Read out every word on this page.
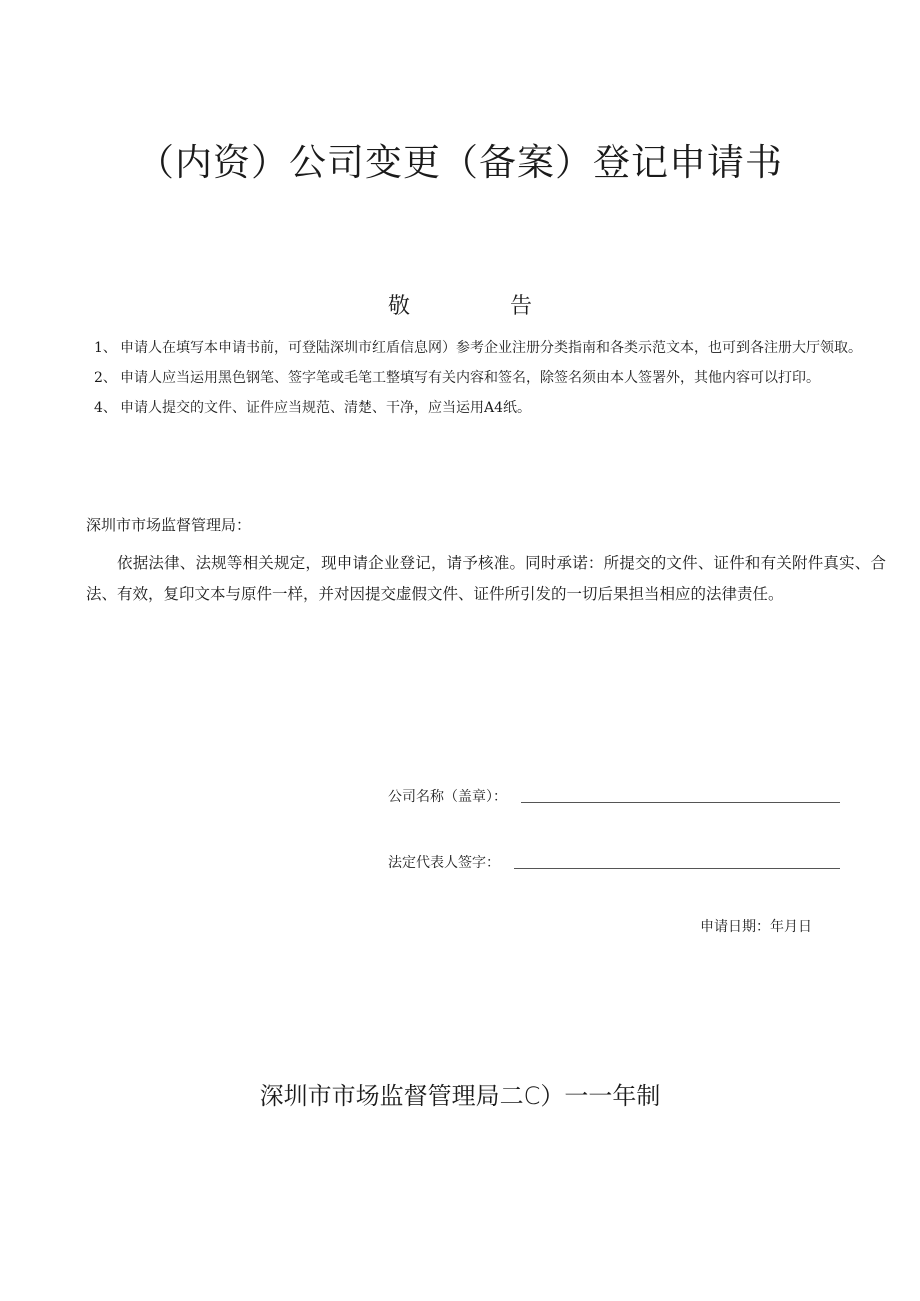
（内资）公司变更（备案）登记申请书
敬	告
1、 申请人在填写本申请书前，可登陆深圳市红盾信息网）参考企业注册分类指南和各类示范文本，也可到各注册大厅领取。
2、 申请人应当运用黑色钢笔、签字笔或毛笔工整填写有关内容和签名，除签名须由本人签署外，其他内容可以打印。
4、 申请人提交的文件、证件应当规范、清楚、干净，应当运用A4纸。
深圳市市场监督管理局：

依据法律、法规等相关规定，现申请企业登记，请予核准。同时承诺：所提交的文件、证件和有关附件真实、合法、有效，复印文本与原件一样，并对因提交虚假文件、证件所引发的一切后果担当相应的法律责任。

公司名称（盖章）：
法定代表人签字：
申请日期：年月日
深圳市市场监督管理局二C）一一年制
